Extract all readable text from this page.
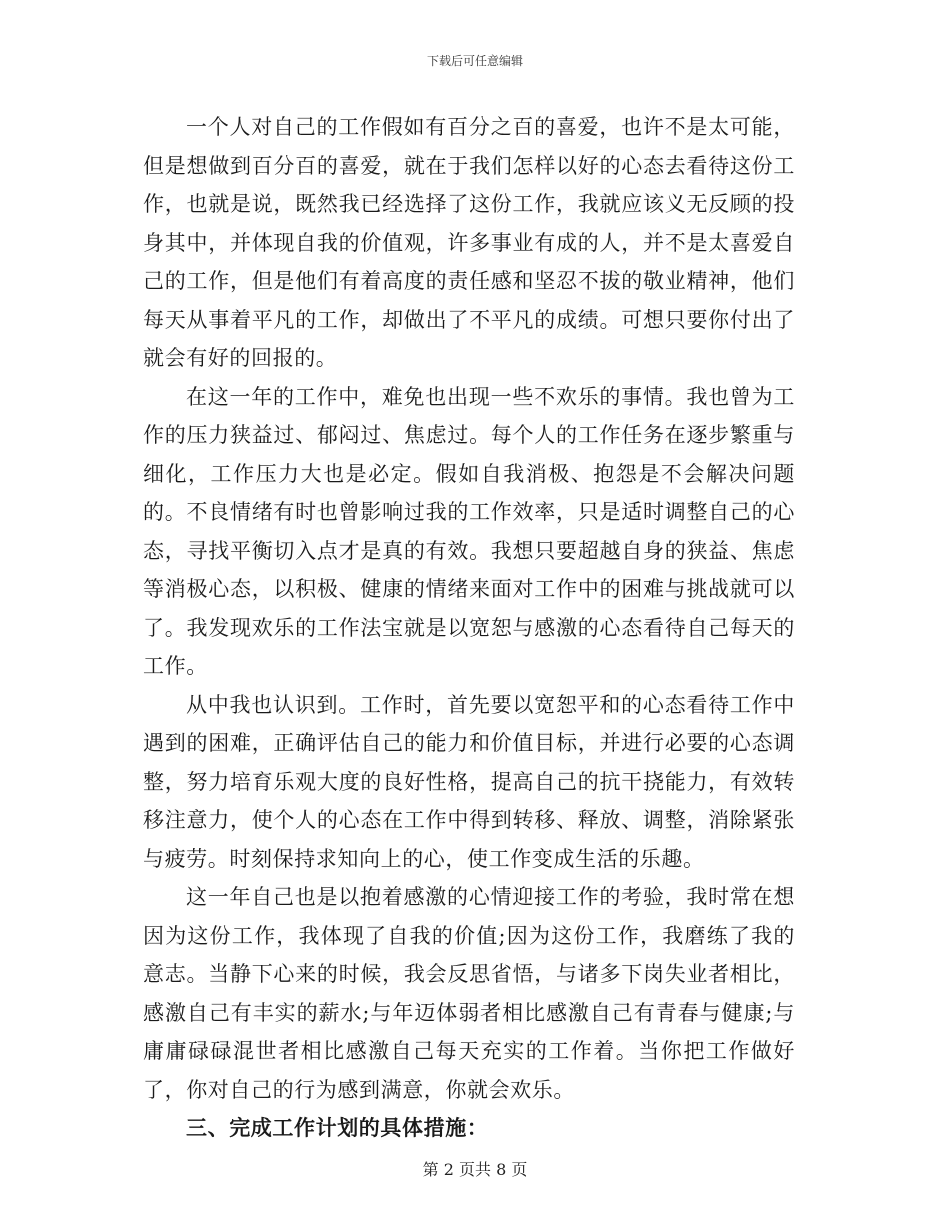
下载后可任意编辑

一个人对自己的工作假如有百分之百的喜爱，也许不是太可能，但是想做到百分百的喜爱，就在于我们怎样以好的心态去看待这份工作，也就是说，既然我已经选择了这份工作，我就应该义无反顾的投身其中，并体现自我的价值观，许多事业有成的人，并不是太喜爱自己的工作，但是他们有着高度的责任感和坚忍不拔的敬业精神，他们每天从事着平凡的工作，却做出了不平凡的成绩。可想只要你付出了就会有好的回报的。

在这一年的工作中，难免也出现一些不欢乐的事情。我也曾为工作的压力狭益过、郁闷过、焦虑过。每个人的工作任务在逐步繁重与细化，工作压力大也是必定。假如自我消极、抱怨是不会解决问题的。不良情绪有时也曾影响过我的工作效率，只是适时调整自己的心态，寻找平衡切入点才是真的有效。我想只要超越自身的狭益、焦虑等消极心态，以积极、健康的情绪来面对工作中的困难与挑战就可以了。我发现欢乐的工作法宝就是以宽恕与感激的心态看待自己每天的工作。

从中我也认识到。工作时，首先要以宽恕平和的心态看待工作中遇到的困难，正确评估自己的能力和价值目标，并进行必要的心态调整，努力培育乐观大度的良好性格，提高自己的抗干挠能力，有效转移注意力，使个人的心态在工作中得到转移、释放、调整，消除紧张与疲劳。时刻保持求知向上的心，使工作变成生活的乐趣。

这一年自己也是以抱着感激的心情迎接工作的考验，我时常在想因为这份工作，我体现了自我的价值;因为这份工作，我磨练了我的意志。当静下心来的时候，我会反思省悟，与诸多下岗失业者相比，感激自己有丰实的薪水;与年迈体弱者相比感激自己有青春与健康;与庸庸碌碌混世者相比感激自己每天充实的工作着。当你把工作做好了，你对自己的行为感到满意，你就会欢乐。

三、完成工作计划的具体措施：

第 2 页共 8 页
